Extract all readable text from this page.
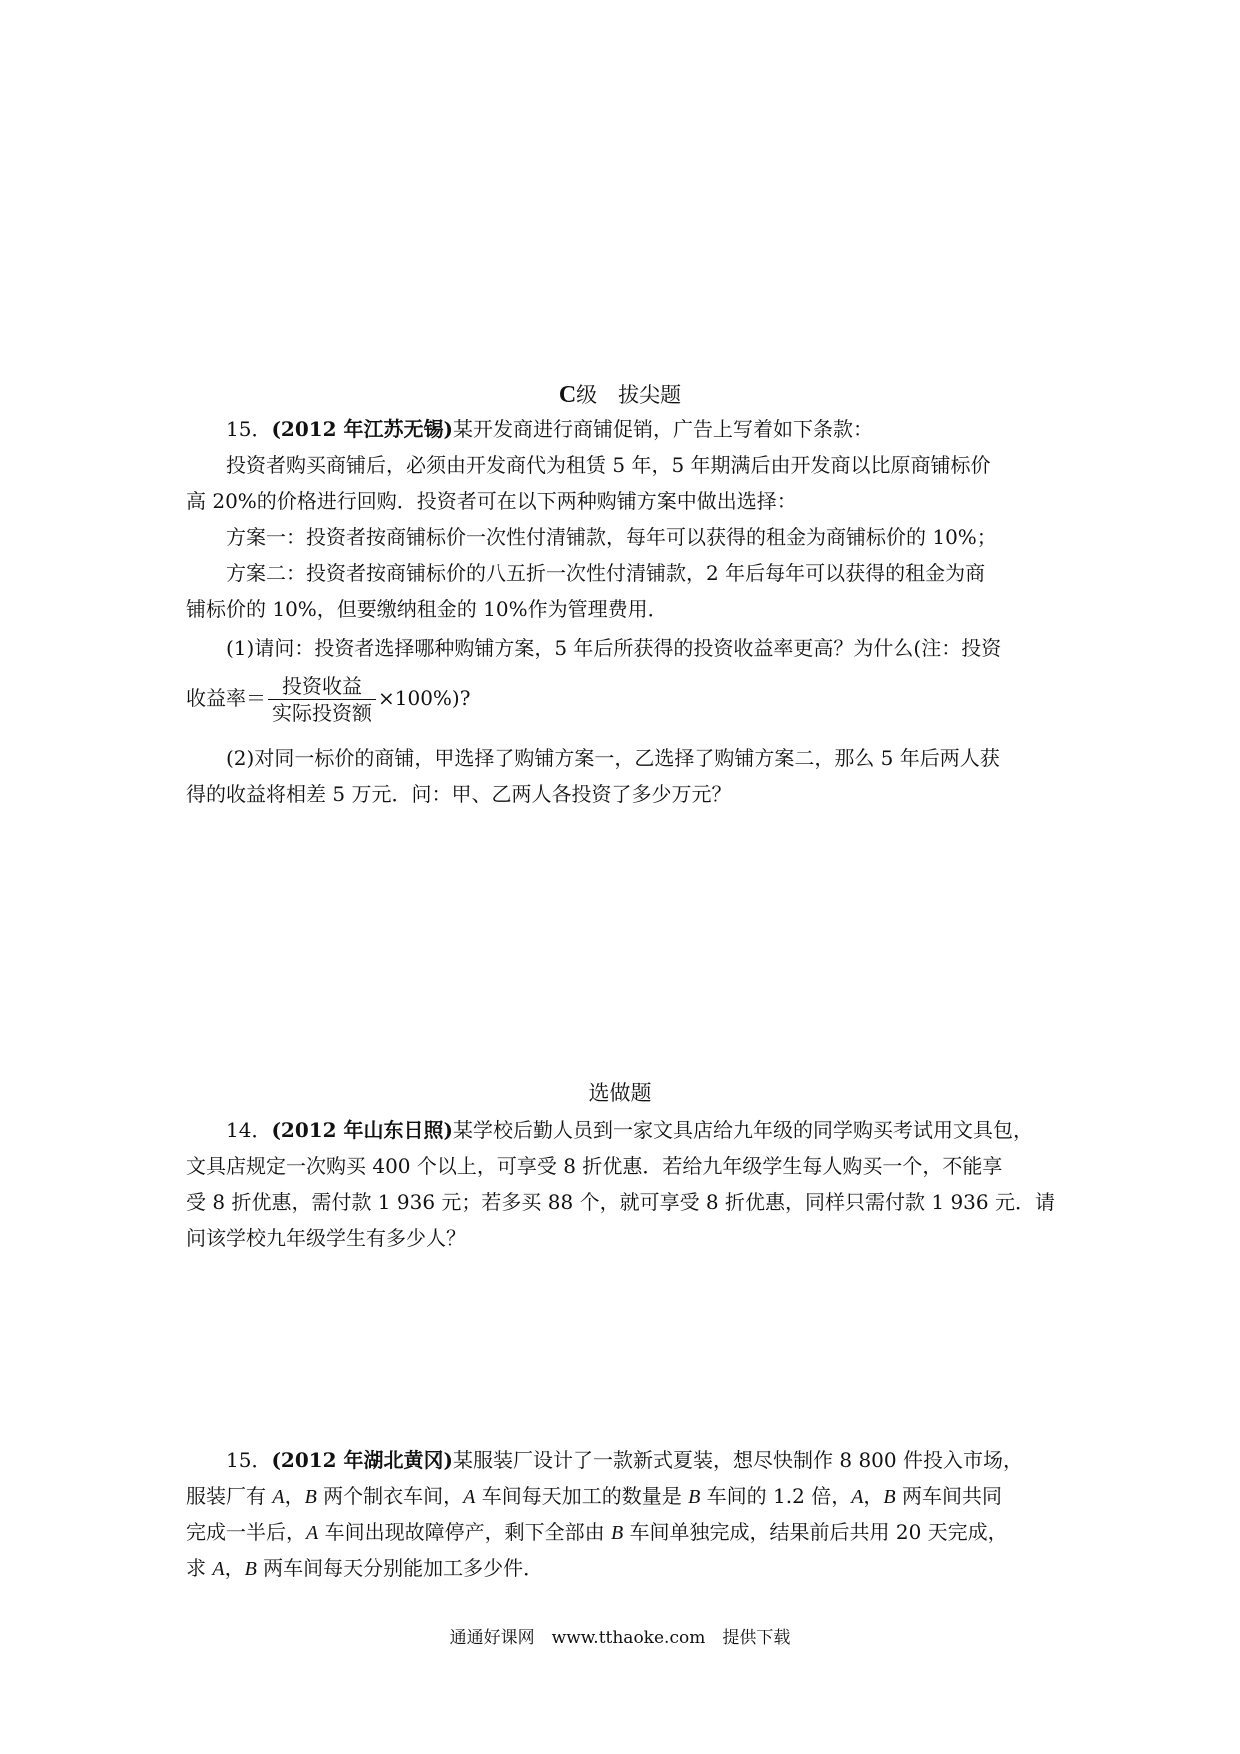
C级　拔尖题
15．(2012 年江苏无锡)某开发商进行商铺促销，广告上写着如下条款：
投资者购买商铺后，必须由开发商代为租赁 5 年，5 年期满后由开发商以比原商铺标价
高 20%的价格进行回购．投资者可在以下两种购铺方案中做出选择：
方案一：投资者按商铺标价一次性付清铺款，每年可以获得的租金为商铺标价的 10%；
方案二：投资者按商铺标价的八五折一次性付清铺款，2 年后每年可以获得的租金为商
铺标价的 10%，但要缴纳租金的 10%作为管理费用．
(1)请问：投资者选择哪种购铺方案，5 年后所获得的投资收益率更高？为什么(注：投资
收益率＝ $\frac{\text{投资收益}}{\text{实际投资额}} \times 100\%$)?
(2)对同一标价的商铺，甲选择了购铺方案一，乙选择了购铺方案二，那么 5 年后两人获
得的收益将相差 5 万元．问：甲、乙两人各投资了多少万元？
选做题
14．(2012 年山东日照)某学校后勤人员到一家文具店给九年级的同学购买考试用文具包，
文具店规定一次购买 400 个以上，可享受 8 折优惠．若给九年级学生每人购买一个，不能享
受 8 折优惠，需付款 1 936 元；若多买 88 个，就可享受 8 折优惠，同样只需付款 1 936 元．请
问该学校九年级学生有多少人？
15．(2012 年湖北黄冈)某服装厂设计了一款新式夏装，想尽快制作 8 800 件投入市场，
服装厂有 A，B 两个制衣车间，A 车间每天加工的数量是 B 车间的 1.2 倍，A，B 两车间共同
完成一半后，A 车间出现故障停产，剩下全部由 B 车间单独完成，结果前后共用 20 天完成，
求 A，B 两车间每天分别能加工多少件．
通通好课网　www.tthaoke.com　提供下载
